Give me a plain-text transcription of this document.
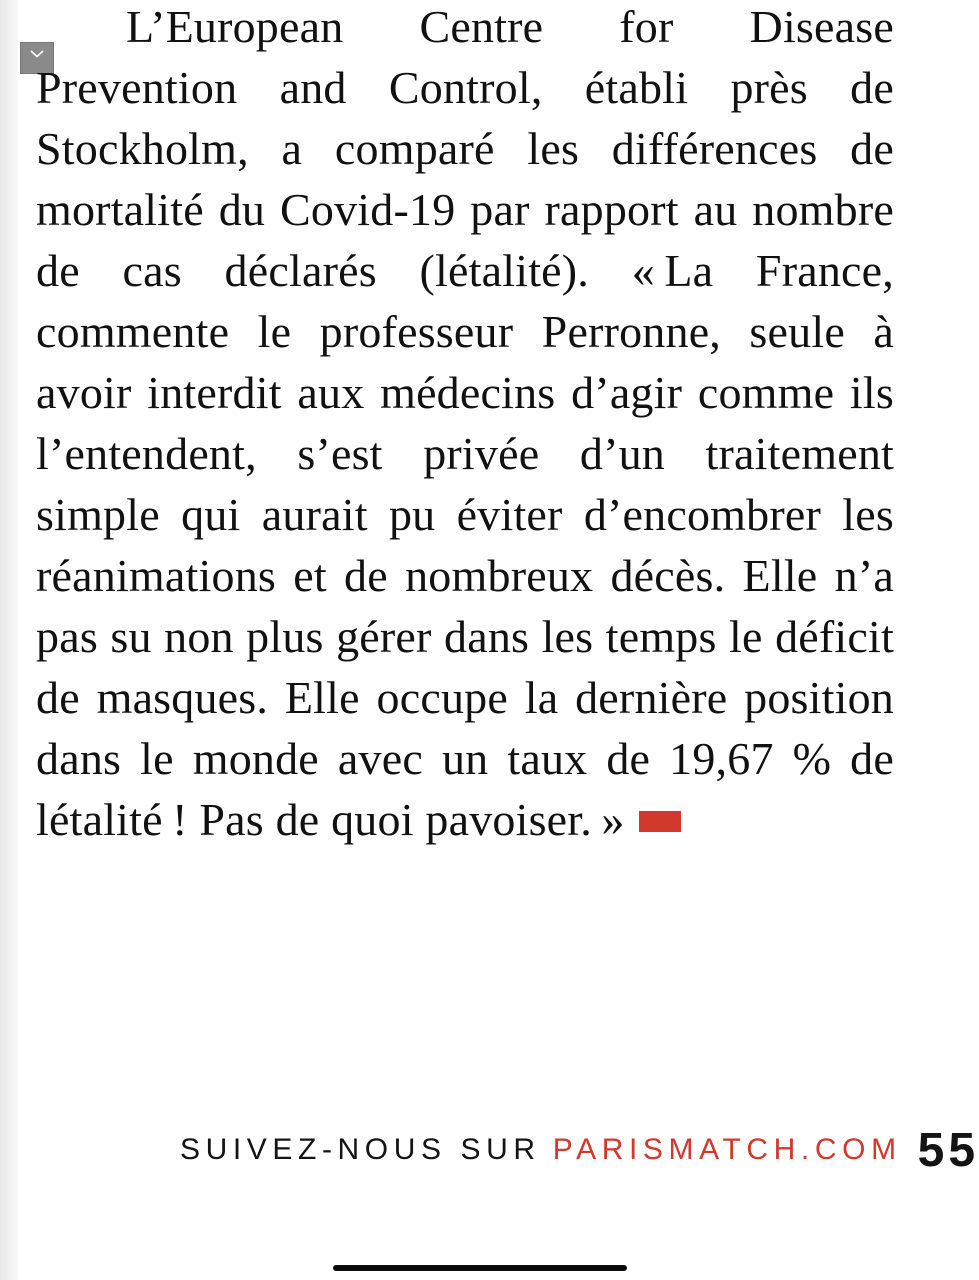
L’European Centre for Disease Prevention and Control, établi près de Stockholm, a comparé les différences de mortalité du Covid-19 par rapport au nombre de cas déclarés (létalité). « La France, commente le professeur Perronne, seule à avoir interdit aux médecins d’agir comme ils l’entendent, s’est privée d’un traitement simple qui aurait pu éviter d’encombrer les réanimations et de nombreux décès. Elle n’a pas su non plus gérer dans les temps le déficit de masques. Elle occupe la dernière position dans le monde avec un taux de 19,67 % de létalité ! Pas de quoi pavoiser. »

SUIVEZ-NOUS SUR PARISMATCH.COM 55
